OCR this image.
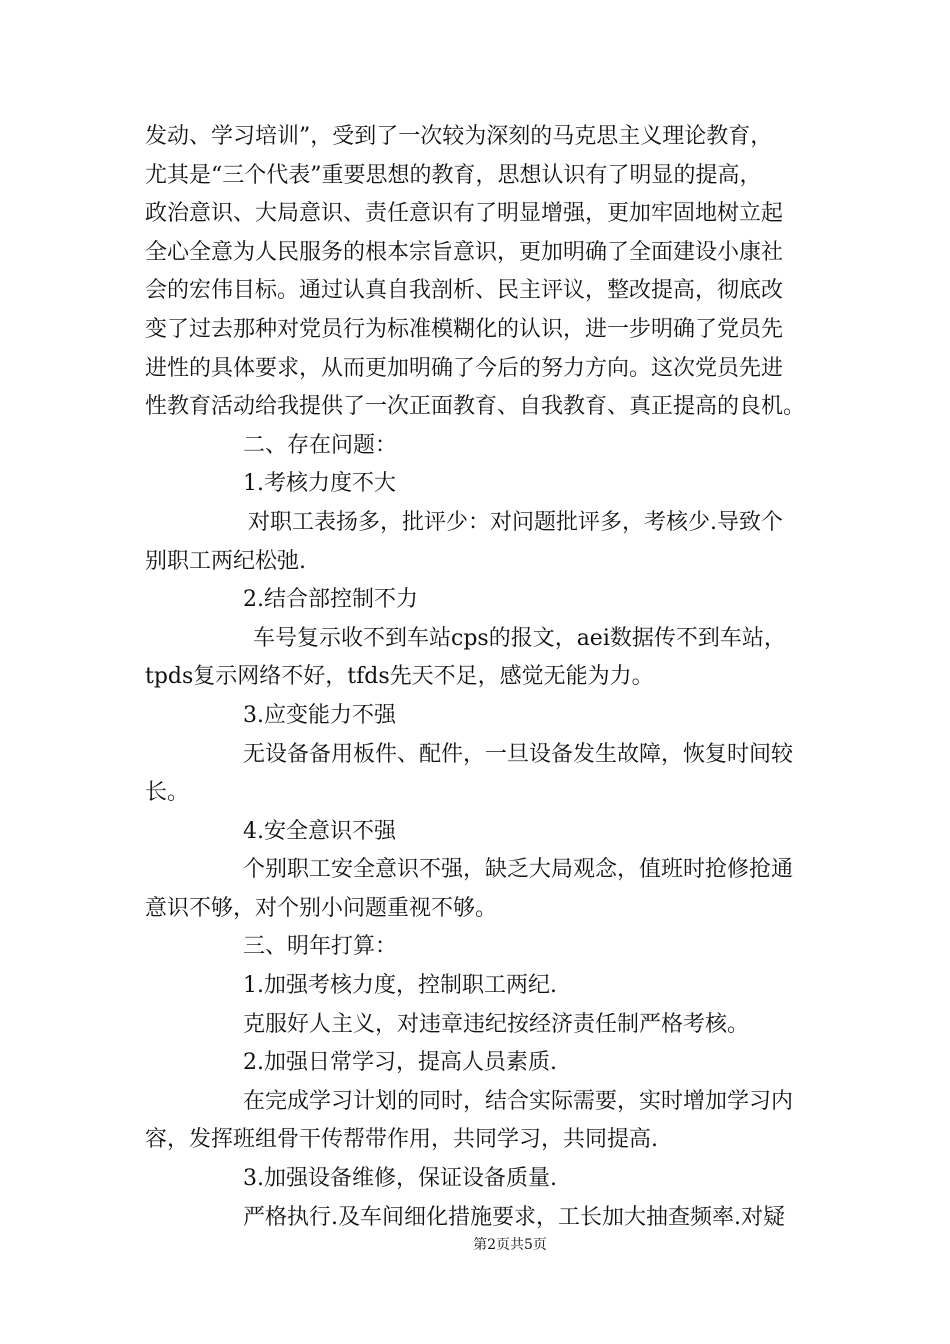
发动、学习培训”，受到了一次较为深刻的马克思主义理论教育，

尤其是“三个代表”重要思想的教育，思想认识有了明显的提高，

政治意识、大局意识、责任意识有了明显增强，更加牢固地树立起

全心全意为人民服务的根本宗旨意识，更加明确了全面建设小康社

会的宏伟目标。通过认真自我剖析、民主评议，整改提高，彻底改

变了过去那种对党员行为标准模糊化的认识，进一步明确了党员先

进性的具体要求，从而更加明确了今后的努力方向。这次党员先进

性教育活动给我提供了一次正面教育、自我教育、真正提高的良机。

二、存在问题：

1.考核力度不大

对职工表扬多，批评少：对问题批评多，考核少.导致个

别职工两纪松弛.

2.结合部控制不力

车号复示收不到车站cps的报文，aei数据传不到车站，

tpds复示网络不好，tfds先天不足，感觉无能为力。

3.应变能力不强

无设备备用板件、配件，一旦设备发生故障，恢复时间较

长。

4.安全意识不强

个别职工安全意识不强，缺乏大局观念，值班时抢修抢通

意识不够，对个别小问题重视不够。

三、明年打算：

1.加强考核力度，控制职工两纪.

克服好人主义，对违章违纪按经济责任制严格考核。

2.加强日常学习，提高人员素质.

在完成学习计划的同时，结合实际需要，实时增加学习内

容，发挥班组骨干传帮带作用，共同学习，共同提高.

3.加强设备维修，保证设备质量.

严格执行.及车间细化措施要求，工长加大抽查频率.对疑

第2页共5页
